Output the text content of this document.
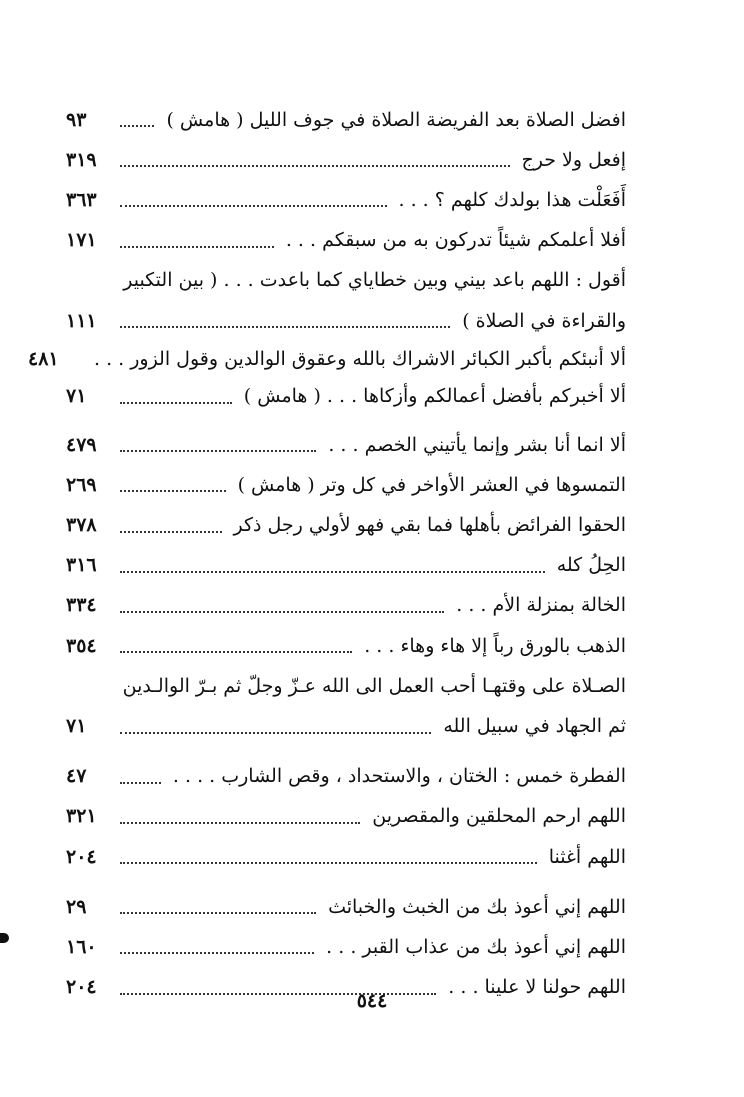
افضل الصلاة بعد الفريضة الصلاة في جوف الليل ( هامش )
٩٣
إفعل ولا حرج
٣١٩
أَفَعَلْت هذا بولدك كلهم ؟ . . .
٣٦٣
أفلا أعلمكم شيئاً تدركون به من سبقكم . . .
١٧١
أقول : اللهم باعد بيني وبين خطاياي كما باعدت . . . ( بين التكبير
والقراءة في الصلاة )
١١١
ألا أنبئكم بأكبر الكبائر الاشراك بالله وعقوق الوالدين وقول الزور . . .
٤٨١
ألا أخبركم بأفضل أعمالكم وأزكاها . . . ( هامش )
٧١
ألا انما أنا بشر وإنما يأتيني الخصم . . .
٤٧٩
التمسوها في العشر الأواخر في كل وتر ( هامش )
٢٦٩
الحقوا الفرائض بأهلها فما بقي فهو لأولي رجل ذكر
٣٧٨
الحِلُ كله
٣١٦
الخالة بمنزلة الأم . . .
٣٣٤
الذهب بالورق رباً إلا هاء وهاء . . .
٣٥٤
الصـلاة على وقتهـا أحب العمل الى الله عـزّ وجلّ ثم بـرّ الوالـدين
ثم الجهاد في سبيل الله
٧١
الفطرة خمس : الختان ، والاستحداد ، وقص الشارب . . . .
٤٧
اللهم ارحم المحلقين والمقصرين
٣٢١
اللهم أغثنا
٢٠٤
اللهم إني أعوذ بك من الخبث والخبائث
٢٩
اللهم إني أعوذ بك من عذاب القبر . . .
١٦٠
اللهم حولنا لا علينا . . .
٢٠٤
٥٤٤
